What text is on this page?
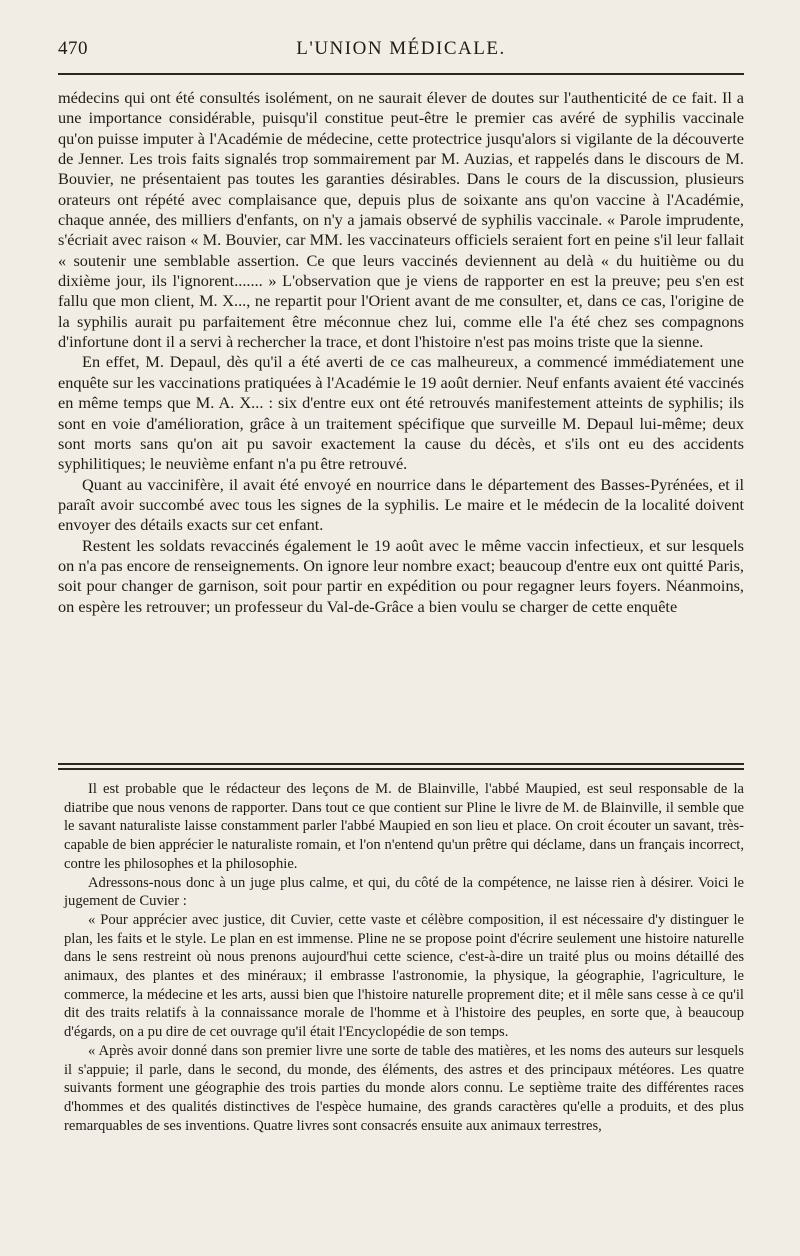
470	L'UNION MÉDICALE.

médecins qui ont été consultés isolément, on ne saurait élever de doutes sur l'authenticité de ce fait. Il a une importance considérable, puisqu'il constitue peut-être le premier cas avéré de syphilis vaccinale qu'on puisse imputer à l'Académie de médecine, cette protectrice jusqu'alors si vigilante de la découverte de Jenner. Les trois faits signalés trop sommairement par M. Auzias, et rappelés dans le discours de M. Bouvier, ne présentaient pas toutes les garanties désirables. Dans le cours de la discussion, plusieurs orateurs ont répété avec complaisance que, depuis plus de soixante ans qu'on vaccine à l'Académie, chaque année, des milliers d'enfants, on n'y a jamais observé de syphilis vaccinale. « Parole imprudente, s'écriait avec raison « M. Bouvier, car MM. les vaccinateurs officiels seraient fort en peine s'il leur fallait « soutenir une semblable assertion. Ce que leurs vaccinés deviennent au delà « du huitième ou du dixième jour, ils l'ignorent....... » L'observation que je viens de rapporter en est la preuve; peu s'en est fallu que mon client, M. X..., ne repartit pour l'Orient avant de me consulter, et, dans ce cas, l'origine de la syphilis aurait pu parfaitement être méconnue chez lui, comme elle l'a été chez ses compagnons d'infortune dont il a servi à rechercher la trace, et dont l'histoire n'est pas moins triste que la sienne.

En effet, M. Depaul, dès qu'il a été averti de ce cas malheureux, a commencé immédiatement une enquête sur les vaccinations pratiquées à l'Académie le 19 août dernier. Neuf enfants avaient été vaccinés en même temps que M. A. X... : six d'entre eux ont été retrouvés manifestement atteints de syphilis; ils sont en voie d'amélioration, grâce à un traitement spécifique que surveille M. Depaul lui-même; deux sont morts sans qu'on ait pu savoir exactement la cause du décès, et s'ils ont eu des accidents syphilitiques; le neuvième enfant n'a pu être retrouvé.

Quant au vaccinifère, il avait été envoyé en nourrice dans le département des Basses-Pyrénées, et il paraît avoir succombé avec tous les signes de la syphilis. Le maire et le médecin de la localité doivent envoyer des détails exacts sur cet enfant.

Restent les soldats revaccinés également le 19 août avec le même vaccin infectieux, et sur lesquels on n'a pas encore de renseignements. On ignore leur nombre exact; beaucoup d'entre eux ont quitté Paris, soit pour changer de garnison, soit pour partir en expédition ou pour regagner leurs foyers. Néanmoins, on espère les retrouver; un professeur du Val-de-Grâce a bien voulu se charger de cette enquête

Il est probable que le rédacteur des leçons de M. de Blainville, l'abbé Maupied, est seul responsable de la diatribe que nous venons de rapporter. Dans tout ce que contient sur Pline le livre de M. de Blainville, il semble que le savant naturaliste laisse constamment parler l'abbé Maupied en son lieu et place. On croit écouter un savant, très-capable de bien apprécier le naturaliste romain, et l'on n'entend qu'un prêtre qui déclame, dans un français incorrect, contre les philosophes et la philosophie.

Adressons-nous donc à un juge plus calme, et qui, du côté de la compétence, ne laisse rien à désirer. Voici le jugement de Cuvier :

« Pour apprécier avec justice, dit Cuvier, cette vaste et célèbre composition, il est nécessaire d'y distinguer le plan, les faits et le style. Le plan en est immense. Pline ne se propose point d'écrire seulement une histoire naturelle dans le sens restreint où nous prenons aujourd'hui cette science, c'est-à-dire un traité plus ou moins détaillé des animaux, des plantes et des minéraux; il embrasse l'astronomie, la physique, la géographie, l'agriculture, le commerce, la médecine et les arts, aussi bien que l'histoire naturelle proprement dite; et il mêle sans cesse à ce qu'il dit des traits relatifs à la connaissance morale de l'homme et à l'histoire des peuples, en sorte que, à beaucoup d'égards, on a pu dire de cet ouvrage qu'il était l'Encyclopédie de son temps.

« Après avoir donné dans son premier livre une sorte de table des matières, et les noms des auteurs sur lesquels il s'appuie; il parle, dans le second, du monde, des éléments, des astres et des principaux météores. Les quatre suivants forment une géographie des trois parties du monde alors connu. Le septième traite des différentes races d'hommes et des qualités distinctives de l'espèce humaine, des grands caractères qu'elle a produits, et des plus remarquables de ses inventions. Quatre livres sont consacrés ensuite aux animaux terrestres,
